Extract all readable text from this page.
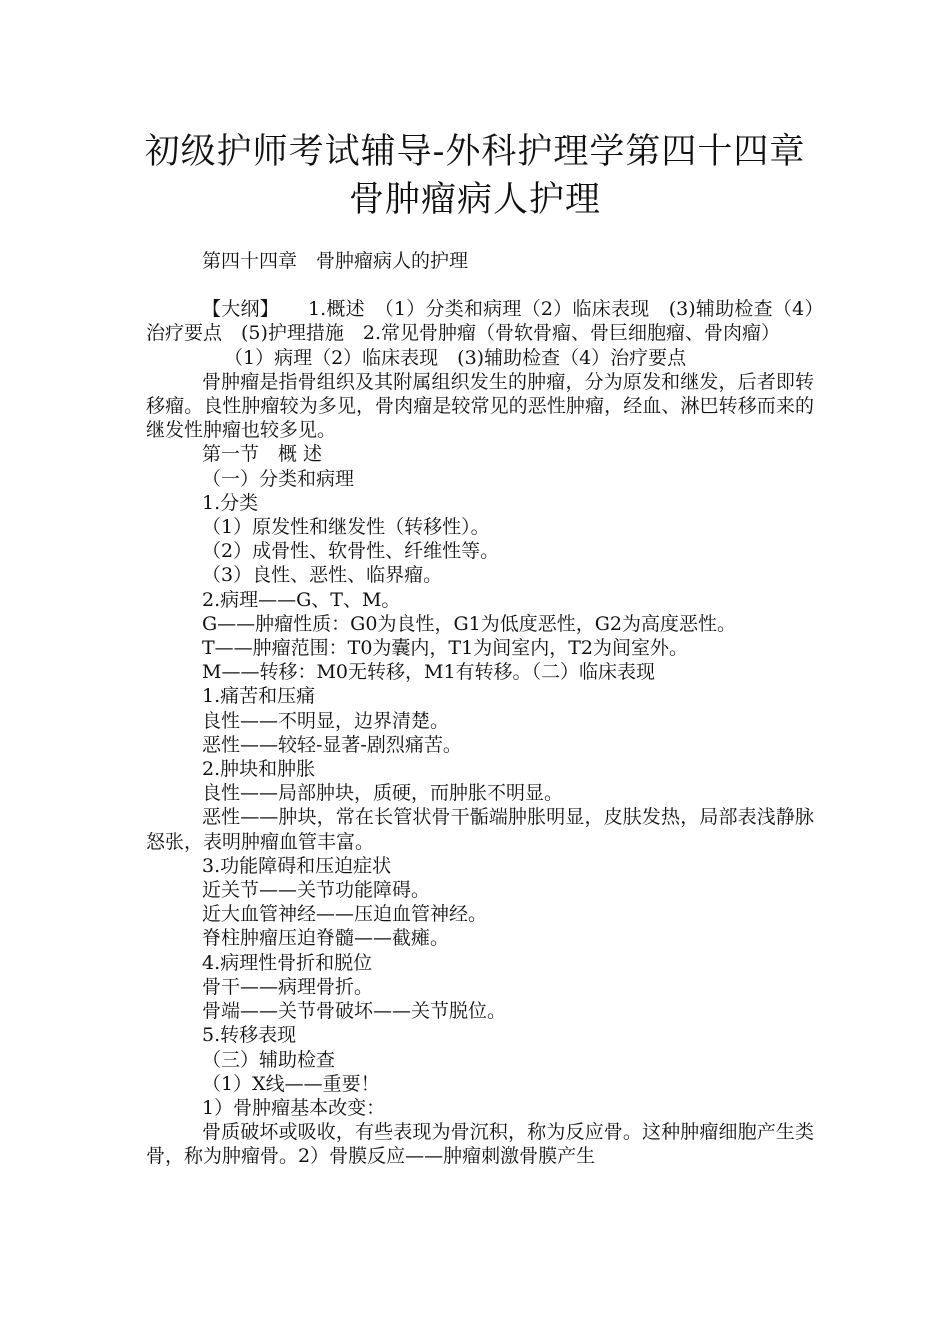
初级护师考试辅导-外科护理学第四十四章
骨肿瘤病人护理

第四十四章　骨肿瘤病人的护理

【大纲】　　1.概述　（1）分类和病理（2）临床表现　(3)辅助检查（4）治疗要点　(5)护理措施　2.常见骨肿瘤（骨软骨瘤、骨巨细胞瘤、骨肉瘤）

（1）病理（2）临床表现　(3)辅助检查（4）治疗要点

骨肿瘤是指骨组织及其附属组织发生的肿瘤，分为原发和继发，后者即转移瘤。良性肿瘤较为多见，骨肉瘤是较常见的恶性肿瘤，经血、淋巴转移而来的继发性肿瘤也较多见。

第一节　概 述

（一）分类和病理

1.分类

（1）原发性和继发性（转移性）。

（2）成骨性、软骨性、纤维性等。

（3）良性、恶性、临界瘤。

2.病理——G、T、M。

G——肿瘤性质：G0为良性，G1为低度恶性，G2为高度恶性。

T——肿瘤范围：T0为囊内，T1为间室内，T2为间室外。

M——转移：M0无转移，M1有转移。（二）临床表现

1.痛苦和压痛

良性——不明显，边界清楚。

恶性——较轻-显著-剧烈痛苦。

2.肿块和肿胀

良性——局部肿块，质硬，而肿胀不明显。

恶性——肿块，常在长管状骨干骺端肿胀明显，皮肤发热，局部表浅静脉怒张，表明肿瘤血管丰富。

3.功能障碍和压迫症状

近关节——关节功能障碍。

近大血管神经——压迫血管神经。

脊柱肿瘤压迫脊髓——截瘫。

4.病理性骨折和脱位

骨干——病理骨折。

骨端——关节骨破坏——关节脱位。

5.转移表现

（三）辅助检查

（1）X线——重要！

1）骨肿瘤基本改变：

骨质破坏或吸收，有些表现为骨沉积，称为反应骨。这种肿瘤细胞产生类骨，称为肿瘤骨。2）骨膜反应——肿瘤刺激骨膜产生
